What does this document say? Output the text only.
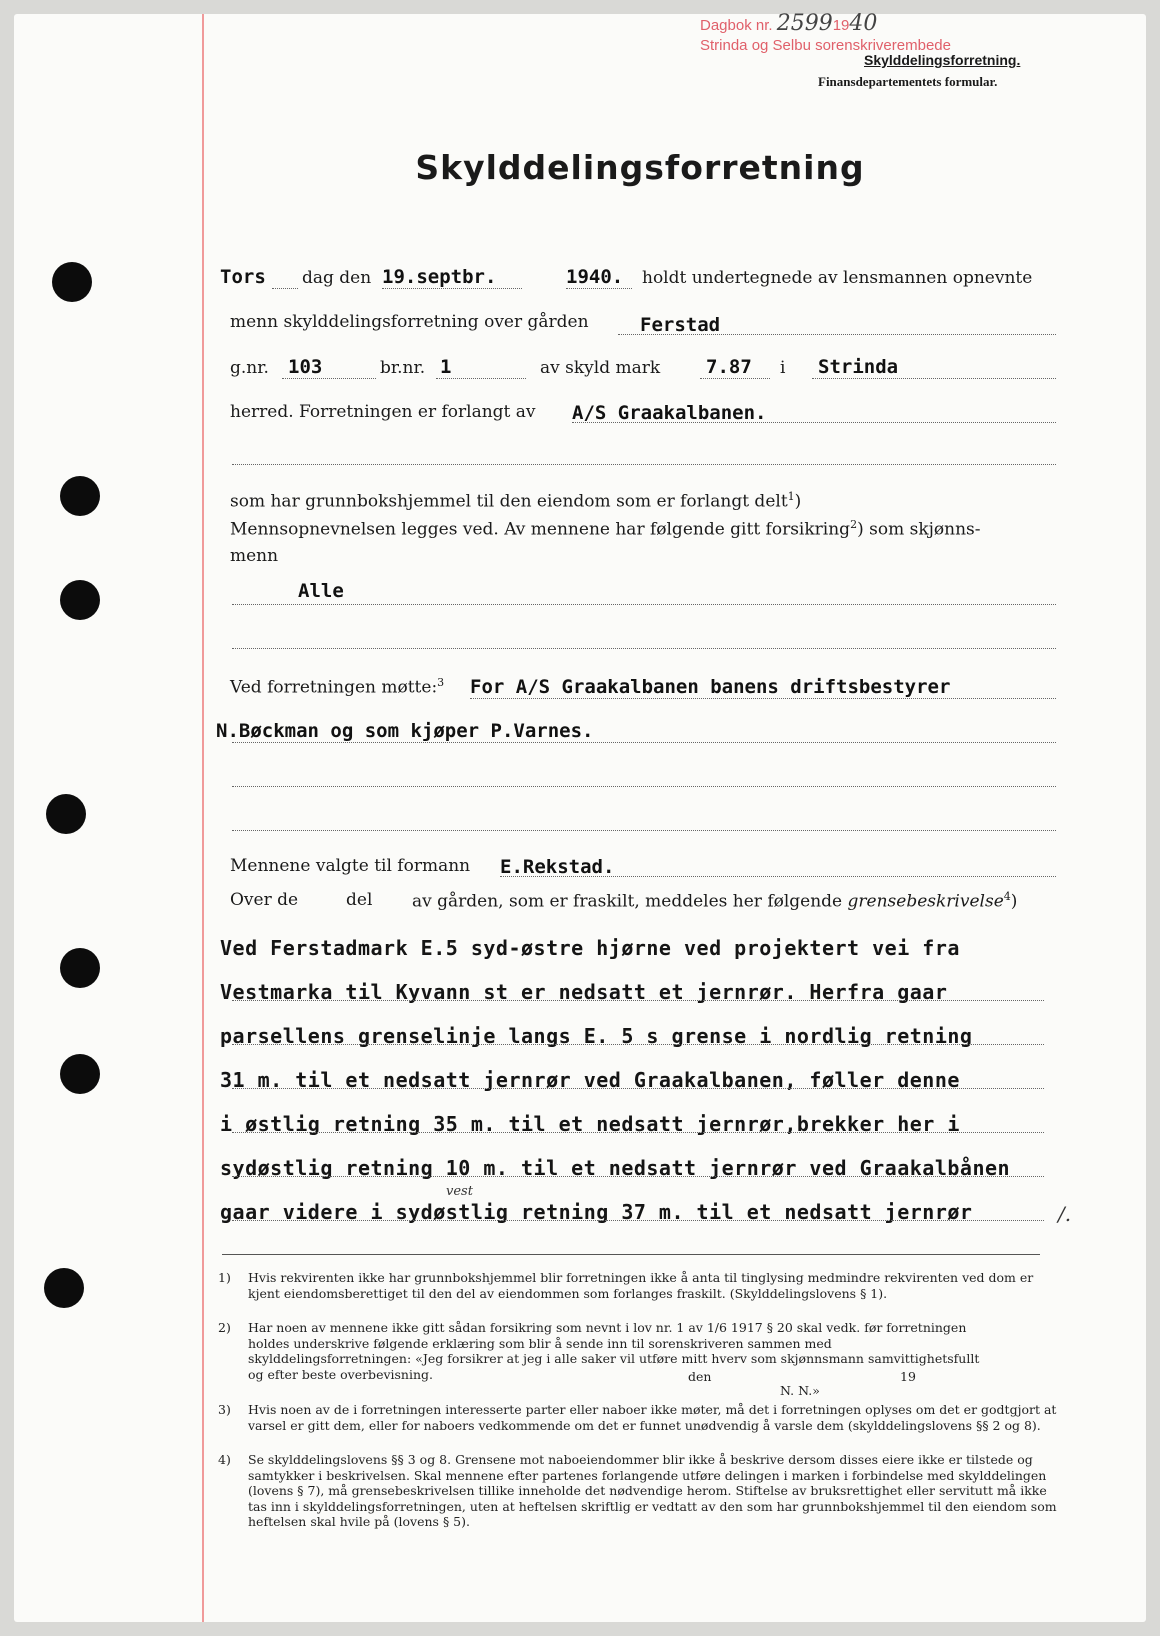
Dagbok nr. 25991940
Strinda og Selbu sorenskriverembede
Skylddelingsforretning.
Finansdepartementets formular.
Skylddelingsforretning
Tors dag den 19.septbr.	1940. holdt undertegnede av lensmannen opnevnte
menn skylddelingsforretning over gården	Ferstad
g.nr. 103	br.nr. 1	av skyld mark 7.87 i Strinda
herred. Forretningen er forlangt av A/S Graakalbanen.
som har grunnbokshjemmel til den eiendom som er forlangt delt$^1$)
Mennsopnevnelsen legges ved. Av mennene har følgende gitt forsikring$^2$) som skjønns-
menn
Alle
Ved forretningen møtte:$^3$ For A/S Graakalbanen banens driftsbestyrer
N.Bøckman og som kjøper P.Varnes.
Mennene valgte til formann E.Rekstad.
Over de	del av gården, som er fraskilt, meddeles her følgende grensebeskrivelse$^4$)
Ved Ferstadmark E.5 syd-østre hjørne ved projektert vei fra
Vestmarka til Kyvann st er nedsatt et jernrør. Herfra gaar
parsellens grenselinje langs E. 5 s grense i nordlig retning
31 m. til et nedsatt jernrør ved Graakalbanen, føller denne
i østlig retning 35 m. til et nedsatt jernrør,brekker her i
sydøstlig retning 10 m. til et nedsatt jernrør ved Graakalbånen
gaar videre i sydøstlig retning 37 m. til et nedsatt jernrør
vest
/.
1) Hvis rekvirenten ikke har grunnbokshjemmel blir forretningen ikke å anta til tinglysing medmindre rekvirenten ved dom er kjent eiendomsberettiget til den del av eiendommen som forlanges fraskilt. (Skylddelingslovens § 1).
2) Har noen av mennene ikke gitt sådan forsikring som nevnt i lov nr. 1 av 1/6 1917 § 20 skal vedk. før forretningen holdes underskrive følgende erklæring som blir å sende inn til sorenskriveren sammen med skylddelingsforretningen: «Jeg forsikrer at jeg i alle saker vil utføre mitt hverv som skjønnsmann samvittighetsfullt og efter beste overbevisning.	den	19
N. N.»
3) Hvis noen av de i forretningen interesserte parter eller naboer ikke møter, må det i forretningen oplyses om det er godtgjort at varsel er gitt dem, eller for naboers vedkommende om det er funnet unødvendig å varsle dem (skylddelingslovens §§ 2 og 8).
4) Se skylddelingslovens §§ 3 og 8. Grensene mot naboeiendommer blir ikke å beskrive dersom disses eiere ikke er tilstede og samtykker i beskrivelsen. Skal mennene efter partenes forlangende utføre delingen i marken i forbindelse med skylddelingen (lovens § 7), må grensebeskrivelsen tillike inneholde det nødvendige herom. Stiftelse av bruksrettighet eller servitutt må ikke tas inn i skylddelingsforretningen, uten at heftelsen skriftlig er vedtatt av den som har grunnbokshjemmel til den eiendom som heftelsen skal hvile på (lovens § 5).
